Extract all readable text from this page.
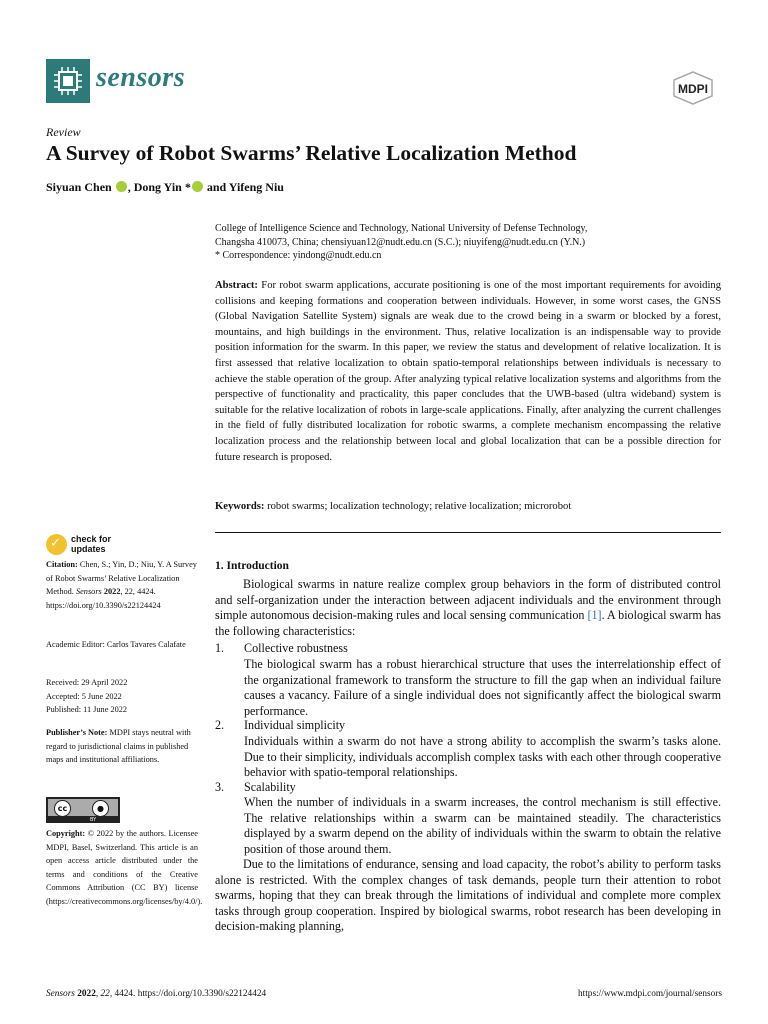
sensors	MDPI
Review
A Survey of Robot Swarms’ Relative Localization Method
Siyuan Chen , Dong Yin * and Yifeng Niu
College of Intelligence Science and Technology, National University of Defense Technology,
Changsha 410073, China; chensiyuan12@nudt.edu.cn (S.C.); niuyifeng@nudt.edu.cn (Y.N.)
* Correspondence: yindong@nudt.edu.cn
Abstract: For robot swarm applications, accurate positioning is one of the most important requirements for avoiding collisions and keeping formations and cooperation between individuals. However, in some worst cases, the GNSS (Global Navigation Satellite System) signals are weak due to the crowd being in a swarm or blocked by a forest, mountains, and high buildings in the environment. Thus, relative localization is an indispensable way to provide position information for the swarm. In this paper, we review the status and development of relative localization. It is first assessed that relative localization to obtain spatio-temporal relationships between individuals is necessary to achieve the stable operation of the group. After analyzing typical relative localization systems and algorithms from the perspective of functionality and practicality, this paper concludes that the UWB-based (ultra wideband) system is suitable for the relative localization of robots in large-scale applications. Finally, after analyzing the current challenges in the field of fully distributed localization for robotic swarms, a complete mechanism encompassing the relative localization process and the relationship between local and global localization that can be a possible direction for future research is proposed.
Keywords: robot swarms; localization technology; relative localization; microrobot
✓ check for
updates
Citation: Chen, S.; Yin, D.; Niu, Y. A Survey of Robot Swarms’ Relative Localization Method. Sensors 2022, 22, 4424. https://doi.org/10.3390/s22124424
Academic Editor: Carlos Tavares Calafate
Received: 29 April 2022
Accepted: 5 June 2022
Published: 11 June 2022
Publisher’s Note: MDPI stays neutral with regard to jurisdictional claims in published maps and institutional affiliations.
cc	●
BY
Copyright: © 2022 by the authors. Licensee MDPI, Basel, Switzerland. This article is an open access article distributed under the terms and conditions of the Creative Commons Attribution (CC BY) license (https://creativecommons.org/licenses/by/4.0/).
1. Introduction
Biological swarms in nature realize complex group behaviors in the form of distributed control and self-organization under the interaction between adjacent individuals and the environment through simple autonomous decision-making rules and local sensing communication [1]. A biological swarm has the following characteristics:
1. Collective robustness
The biological swarm has a robust hierarchical structure that uses the interrelationship effect of the organizational framework to transform the structure to fill the gap when an individual failure causes a vacancy. Failure of a single individual does not significantly affect the biological swarm performance.
2. Individual simplicity
Individuals within a swarm do not have a strong ability to accomplish the swarm’s tasks alone. Due to their simplicity, individuals accomplish complex tasks with each other through cooperative behavior with spatio-temporal relationships.
3. Scalability
When the number of individuals in a swarm increases, the control mechanism is still effective. The relative relationships within a swarm can be maintained steadily. The characteristics displayed by a swarm depend on the ability of individuals within the swarm to obtain the relative position of those around them.
Due to the limitations of endurance, sensing and load capacity, the robot’s ability to perform tasks alone is restricted. With the complex changes of task demands, people turn their attention to robot swarms, hoping that they can break through the limitations of individual and complete more complex tasks through group cooperation. Inspired by biological swarms, robot research has been developing in decision-making planning,
Sensors 2022, 22, 4424. https://doi.org/10.3390/s22124424	https://www.mdpi.com/journal/sensors
